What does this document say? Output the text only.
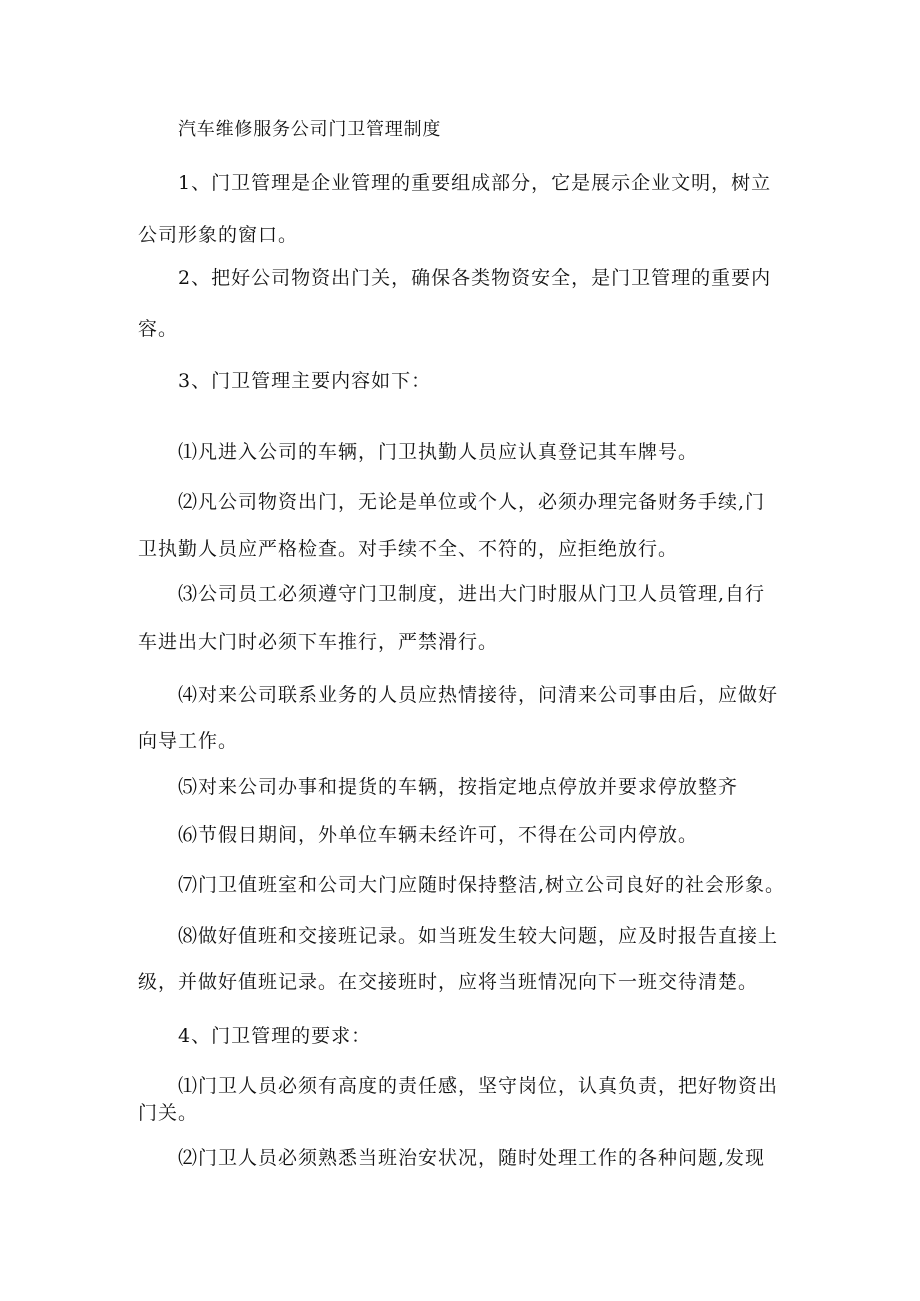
汽车维修服务公司门卫管理制度
1、门卫管理是企业管理的重要组成部分，它是展示企业文明，树立
公司形象的窗口。
2、把好公司物资出门关，确保各类物资安全，是门卫管理的重要内
容。
3、门卫管理主要内容如下：
⑴凡进入公司的车辆，门卫执勤人员应认真登记其车牌号。
⑵凡公司物资出门，无论是单位或个人，必须办理完备财务手续,门
卫执勤人员应严格检查。对手续不全、不符的，应拒绝放行。
⑶公司员工必须遵守门卫制度，进出大门时服从门卫人员管理,自行
车进出大门时必须下车推行，严禁滑行。
⑷对来公司联系业务的人员应热情接待，问清来公司事由后，应做好
向导工作。
⑸对来公司办事和提货的车辆，按指定地点停放并要求停放整齐
⑹节假日期间，外单位车辆未经许可，不得在公司内停放。
⑺门卫值班室和公司大门应随时保持整洁,树立公司良好的社会形象。
⑻做好值班和交接班记录。如当班发生较大问题，应及时报告直接上
级，并做好值班记录。在交接班时，应将当班情况向下一班交待清楚。
4、门卫管理的要求：
⑴门卫人员必须有高度的责任感，坚守岗位，认真负责，把好物资出
门关。
⑵门卫人员必须熟悉当班治安状况，随时处理工作的各种问题,发现
